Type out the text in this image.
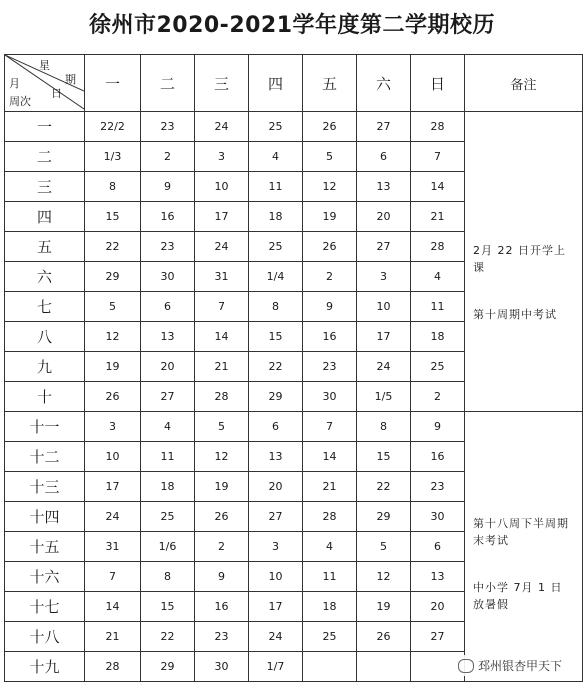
徐州市2020-2021学年度第二学期校历
星
期
日
月
周次	一	二	三	四	五	六	日	备注
一	22/2	23	24	25	26	27	28	2月 22 日开学上课
第十周期中考试

二	1/3	2	3	4	5	6	7	
三	8	9	10	11	12	13	14	
四	15	16	17	18	19	20	21	
五	22	23	24	25	26	27	28	
六	29	30	31	1/4	2	3	4	
七	5	6	7	8	9	10	11	
八	12	13	14	15	16	17	18	
九	19	20	21	22	23	24	25	
十	26	27	28	29	30	1/5	2	
十一	3	4	5	6	7	8	9	第十八周下半周期末考试
中小学 7月 1 日放暑假

十二	10	11	12	13	14	15	16	
十三	17	18	19	20	21	22	23	
十四	24	25	26	27	28	29	30	
十五	31	1/6	2	3	4	5	6	
十六	7	8	9	10	11	12	13	
十七	14	15	16	17	18	19	20	
十八	21	22	23	24	25	26	27	
十九	28	29	30	1/7					邳州银杏甲天下
